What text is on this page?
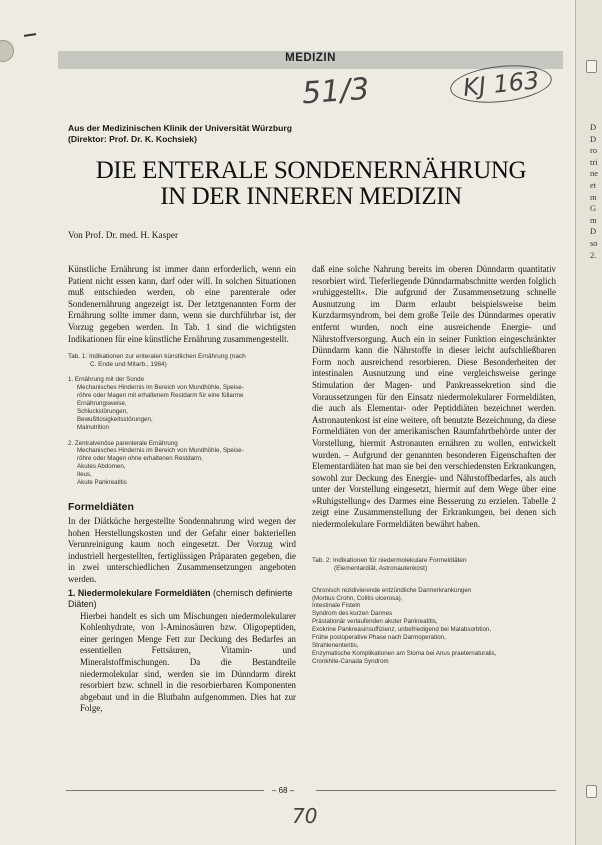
MEDIZIN
51/3	KJ 163
Aus der Medizinischen Klinik der Universität Würzburg
(Direktor: Prof. Dr. K. Kochsiek)
DIE ENTERALE SONDENERNÄHRUNG
IN DER INNEREN MEDIZIN
Von Prof. Dr. med. H. Kasper

Künstliche Ernährung ist immer dann erforderlich, wenn ein Patient nicht essen kann, darf oder will. In solchen Situationen muß entschieden werden, ob eine parenterale oder Sondenernährung angezeigt ist. Der letztgenannten Form der Ernährung sollte immer dann, wenn sie durchführbar ist, der Vorzug gegeben werden. In Tab. 1 sind die wichtigsten Indikationen für eine künstliche Ernährung zusammengestellt.

Tab. 1: Indikationen zur enteralen künstlichen Ernährung (nach
C. Ende und Mitarb., 1984)
1. Ernährung mit der Sonde
Mechanisches Hindernis im Bereich von Mundhöhle, Speise-
röhre oder Magen mit erhaltenem Restdarm für eine füllarme
Ernährungsweise,
Schluckstörungen,
Bewußtlosigkeitsstörungen,
Malnutrition
2. Zentralvenöse parenterale Ernährung
Mechanisches Hindernis im Bereich von Mundhöhle, Speise-
röhre oder Magen ohne erhaltenen Restdarm,
Akutes Abdomen,
Ileus,
Akute Pankreatitis
Formeldiäten

In der Diätküche hergestellte Sondennahrung wird wegen der hohen Herstellungskosten und der Gefahr einer bakteriellen Verunreinigung kaum noch eingesetzt. Der Vorzug wird industriell hergestellten, fertiglüssigen Präparaten gegeben, die in zwei unterschiedlichen Zusammensetzungen angeboten werden.

1. Niedermolekulare Formeldiäten (chemisch definierte Diäten)

Hierbei handelt es sich um Mischungen niedermolekularer Kohlenhydrate, von l-Aminosäuren bzw. Oligopeptiden, einer geringen Menge Fett zur Deckung des Bedarfes an essentiellen Fettsäuren, Vitamin- und Mineralstoffmischungen. Da die Bestandteile niedermolekular sind, werden sie im Dünndarm direkt resorbiert bzw. schnell in die resorbierbaren Komponenten abgebaut und in die Blutbahn aufgenommen. Dies hat zur Folge,

daß eine solche Nahrung bereits im oberen Dünndarm quantitativ resorbiert wird. Tieferliegende Dünndarmabschnitte werden folglich »ruhiggestellt«. Die aufgrund der Zusammensetzung schnelle Ausnutzung im Darm erlaubt beispielsweise beim Kurzdarmsyndrom, bei dem große Teile des Dünndarmes operativ entfernt wurden, noch eine ausreichende Energie- und Nährstoffversorgung. Auch ein in seiner Funktion eingeschränkter Dünndarm kann die Nährstoffe in dieser leicht aufschließbaren Form noch ausreichend resorbieren. Diese Besonderheiten der intestinalen Ausnutzung und eine vergleichsweise geringe Stimulation der Magen- und Pankreassekretion sind die Voraussetzungen für den Einsatz niedermolekularer Formeldiäten, die auch als Elementar- oder Peptiddiäten bezeichnet werden. Astronautenkost ist eine weitere, oft benutzte Bezeichnung, da diese Formeldiäten von der amerikanischen Raumfahrtbehörde unter der Vorstellung, hiermit Astronauten ernähren zu wollen, entwickelt wurden. – Aufgrund der genannten besonderen Eigenschaften der Elementardiäten hat man sie bei den verschiedensten Erkrankungen, sowohl zur Deckung des Energie- und Nährstoffbedarfes, als auch unter der Vorstellung eingesetzt, hiermit auf dem Wege über eine »Ruhigstellung« des Darmes eine Besserung zu erzielen. Tabelle 2 zeigt eine Zusammenstellung der Erkrankungen, bei denen sich niedermolekulare Formeldiäten bewährt haben.

Tab. 2: Indikationen für niedermolekulare Formeldiäten
(Elementardiät, Astronautenkost)
Chronisch rezidivierende entzündliche Darmerkrankungen
(Morbus Crohn, Colitis ulcerosa),
Intestinale Fisteln
Syndrom des kurzen Darmes
Prästationär verlaufenden akuter Pankreatitis,
Exokrine Pankreasinsuffizienz, unbefriedigend bei Malabsorbtion,
Frühe postoperative Phase nach Darmoperation,
Strahlenenteritis,
Enzymatische Komplikationen am Stoma bei Anus praeternaturalis,
Cronkhite-Canada Syndrom
– 68 –
70
D
D
ro
tri
ne
et
m
G
m
D
so
2.
